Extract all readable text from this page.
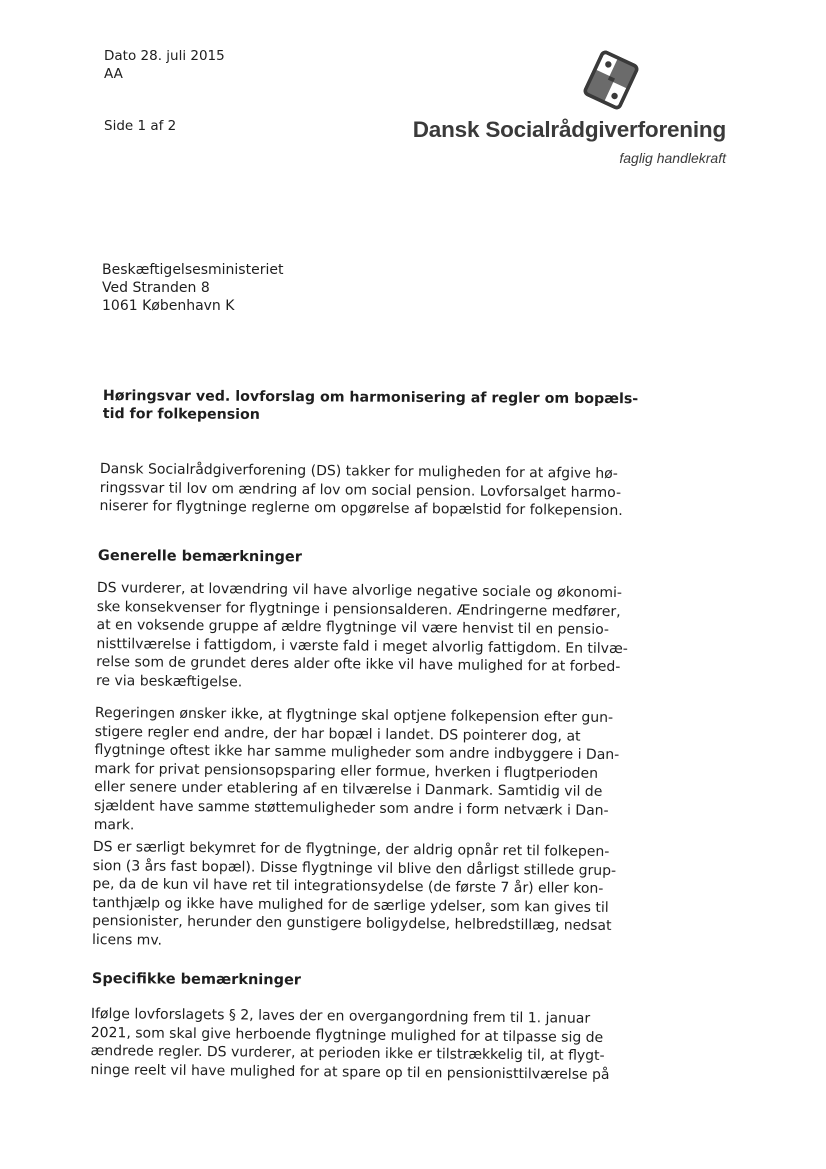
Dato 28. juli 2015
AA
Side 1 af 2	Dansk Socialrådgiverforening
faglig handlekraft
Beskæftigelsesministeriet
Ved Stranden 8
1061 København K
Høringsvar ved. lovforslag om harmonisering af regler om bopæls-
tid for folkepension
Dansk Socialrådgiverforening (DS) takker for muligheden for at afgive hø-
ringssvar til lov om ændring af lov om social pension. Lovforsalget harmo-
niserer for flygtninge reglerne om opgørelse af bopælstid for folkepension.
Generelle bemærkninger
DS vurderer, at lovændring vil have alvorlige negative sociale og økonomi-
ske konsekvenser for flygtninge i pensionsalderen. Ændringerne medfører,
at en voksende gruppe af ældre flygtninge vil være henvist til en pensio-
nisttilværelse i fattigdom, i værste fald i meget alvorlig fattigdom. En tilvæ-
relse som de grundet deres alder ofte ikke vil have mulighed for at forbed-
re via beskæftigelse.
Regeringen ønsker ikke, at flygtninge skal optjene folkepension efter gun-
stigere regler end andre, der har bopæl i landet. DS pointerer dog, at
flygtninge oftest ikke har samme muligheder som andre indbyggere i Dan-
mark for privat pensionsopsparing eller formue, hverken i flugtperioden
eller senere under etablering af en tilværelse i Danmark. Samtidig vil de
sjældent have samme støttemuligheder som andre i form netværk i Dan-
mark.
DS er særligt bekymret for de flygtninge, der aldrig opnår ret til folkepen-
sion (3 års fast bopæl). Disse flygtninge vil blive den dårligst stillede grup-
pe, da de kun vil have ret til integrationsydelse (de første 7 år) eller kon-
tanthjælp og ikke have mulighed for de særlige ydelser, som kan gives til
pensionister, herunder den gunstigere boligydelse, helbredstillæg, nedsat
licens mv.
Specifikke bemærkninger
Ifølge lovforslagets § 2, laves der en overgangordning frem til 1. januar
2021, som skal give herboende flygtninge mulighed for at tilpasse sig de
ændrede regler. DS vurderer, at perioden ikke er tilstrækkelig til, at flygt-
ninge reelt vil have mulighed for at spare op til en pensionisttilværelse på
